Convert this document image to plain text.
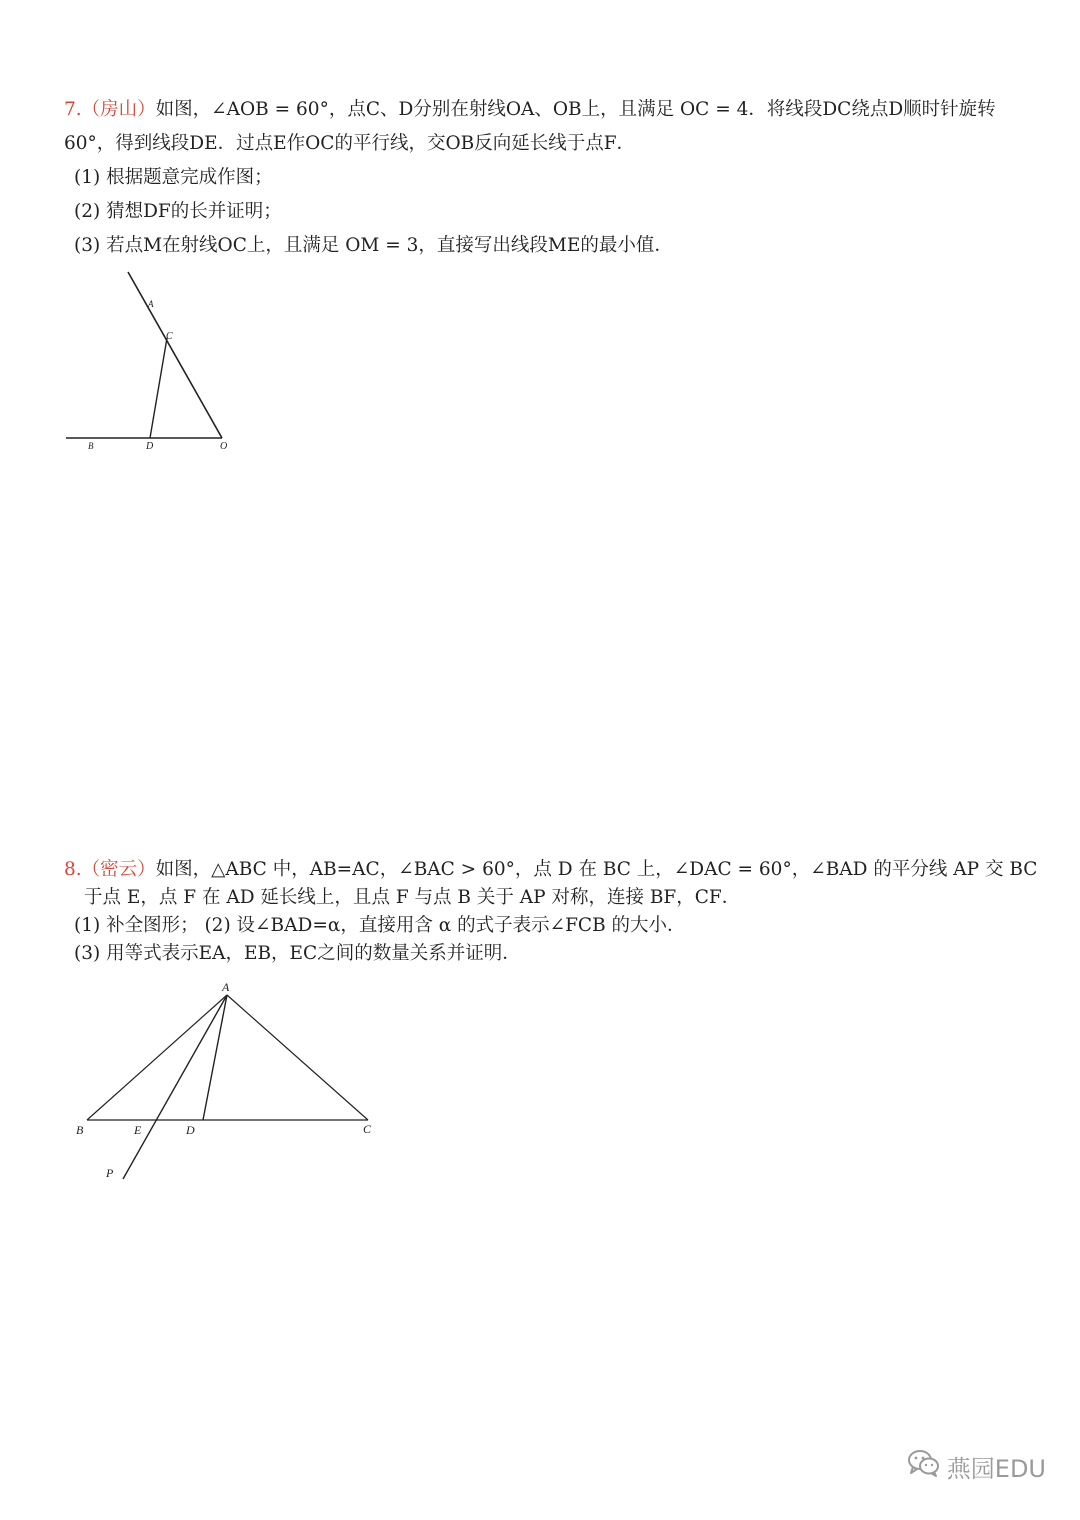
7.（房山）如图，∠AOB = 60°，点C、D分别在射线OA、OB上，且满足 OC = 4．将线段DC绕点D顺时针旋转
60°，得到线段DE．过点E作OC的平行线，交OB反向延长线于点F．
(1) 根据题意完成作图；
(2) 猜想DF的长并证明；
(3) 若点M在射线OC上，且满足 OM = 3，直接写出线段ME的最小值．
A
C
B	D	O
8.（密云）如图，△ABC 中，AB=AC，∠BAC > 60°，点 D 在 BC 上，∠DAC = 60°，∠BAD 的平分线 AP 交 BC
于点 E，点 F 在 AD 延长线上，且点 F 与点 B 关于 AP 对称，连接 BF，CF．
(1) 补全图形； (2) 设∠BAD=α，直接用含 α 的式子表示∠FCB 的大小．
(3) 用等式表示EA，EB，EC之间的数量关系并证明．
A
B	E	D	C
P
燕园EDU
